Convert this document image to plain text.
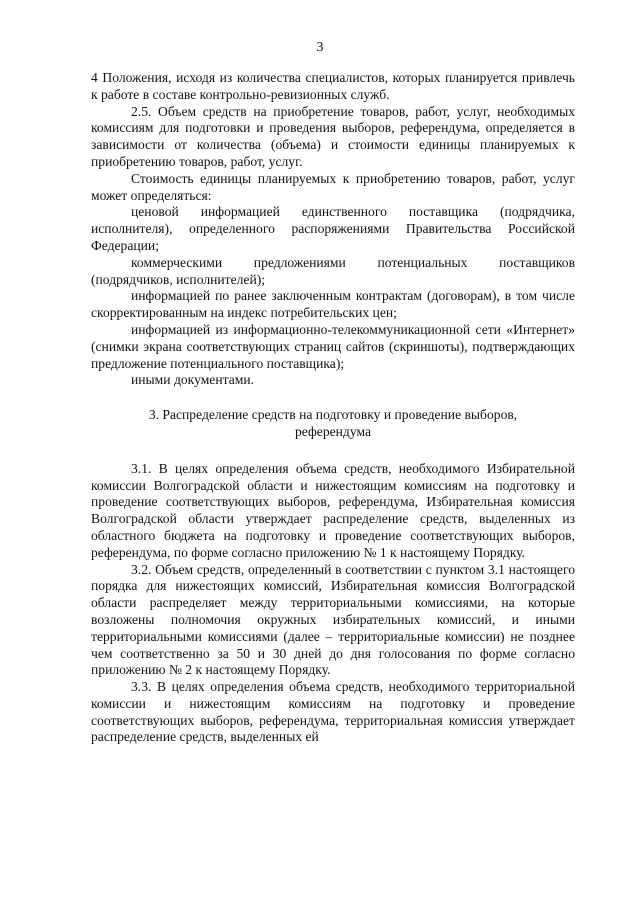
3

4 Положения, исходя из количества специалистов, которых планируется привлечь к работе в составе контрольно-ревизионных служб.

2.5. Объем средств на приобретение товаров, работ, услуг, необходимых комиссиям для подготовки и проведения выборов, референдума, определяется в зависимости от количества (объема) и стоимости единицы планируемых к приобретению товаров, работ, услуг.

Стоимость единицы планируемых к приобретению товаров, работ, услуг может определяться:

ценовой информацией единственного поставщика (подрядчика, исполнителя), определенного распоряжениями Правительства Российской Федерации;

коммерческими предложениями потенциальных поставщиков (подрядчиков, исполнителей);

информацией по ранее заключенным контрактам (договорам), в том числе скорректированным на индекс потребительских цен;

информацией из информационно-телекоммуникационной сети «Интернет» (снимки экрана соответствующих страниц сайтов (скриншоты), подтверждающих предложение потенциального поставщика);

иными документами.

3. Распределение средств на подготовку и проведение выборов,
референдума

3.1. В целях определения объема средств, необходимого Избирательной комиссии Волгоградской области и нижестоящим комиссиям на подготовку и проведение соответствующих выборов, референдума, Избирательная комиссия Волгоградской области утверждает распределение средств, выделенных из областного бюджета на подготовку и проведение соответствующих выборов, референдума, по форме согласно приложению № 1 к настоящему Порядку.

3.2. Объем средств, определенный в соответствии с пунктом 3.1 настоящего порядка для нижестоящих комиссий, Избирательная комиссия Волгоградской области распределяет между территориальными комиссиями, на которые возложены полномочия окружных избирательных комиссий, и иными территориальными комиссиями (далее – территориальные комиссии) не позднее чем соответственно за 50 и 30 дней до дня голосования по форме согласно приложению № 2 к настоящему Порядку.

3.3. В целях определения объема средств, необходимого территориальной комиссии и нижестоящим комиссиям на подготовку и проведение соответствующих выборов, референдума, территориальная комиссия утверждает распределение средств, выделенных ей
